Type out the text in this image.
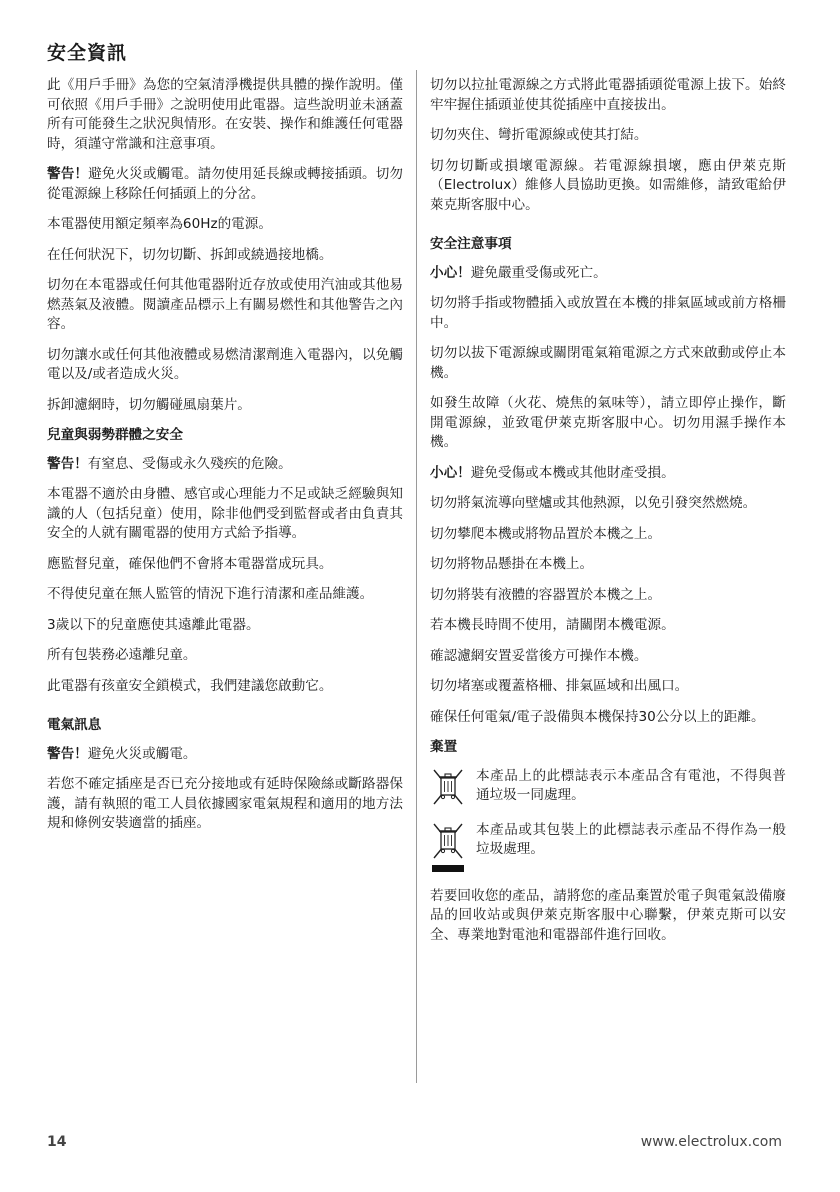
安全資訊

此《用戶手冊》為您的空氣清淨機提供具體的操作說明。僅可依照《用戶手冊》之說明使用此電器。這些說明並未涵蓋所有可能發生之狀況與情形。在安裝、操作和維護任何電器時，須謹守常識和注意事項。

警告！避免火災或觸電。請勿使用延長線或轉接插頭。切勿從電源線上移除任何插頭上的分岔。

本電器使用額定頻率為60Hz的電源。

在任何狀況下，切勿切斷、拆卸或繞過接地橋。

切勿在本電器或任何其他電器附近存放或使用汽油或其他易燃蒸氣及液體。閱讀產品標示上有關易燃性和其他警告之內容。

切勿讓水或任何其他液體或易燃清潔劑進入電器內，以免觸電以及/或者造成火災。

拆卸濾網時，切勿觸碰風扇葉片。

兒童與弱勢群體之安全

警告！有窒息、受傷或永久殘疾的危險。

本電器不適於由身體、感官或心理能力不足或缺乏經驗與知識的人（包括兒童）使用，除非他們受到監督或者由負責其安全的人就有關電器的使用方式給予指導。

應監督兒童，確保他們不會將本電器當成玩具。

不得使兒童在無人監管的情況下進行清潔和產品維護。

3歲以下的兒童應使其遠離此電器。

所有包裝務必遠離兒童。

此電器有孩童安全鎖模式，我們建議您啟動它。

電氣訊息

警告！避免火災或觸電。

若您不確定插座是否已充分接地或有延時保險絲或斷路器保護，請有執照的電工人員依據國家電氣規程和適用的地方法規和條例安裝適當的插座。

切勿以拉扯電源線之方式將此電器插頭從電源上拔下。始終牢牢握住插頭並使其從插座中直接拔出。

切勿夾住、彎折電源線或使其打結。

切勿切斷或損壞電源線。若電源線損壞，應由伊萊克斯（Electrolux）維修人員協助更換。如需維修，請致電給伊萊克斯客服中心。

安全注意事項

小心！避免嚴重受傷或死亡。

切勿將手指或物體插入或放置在本機的排氣區域或前方格柵中。

切勿以拔下電源線或關閉電氣箱電源之方式來啟動或停止本機。

如發生故障（火花、燒焦的氣味等），請立即停止操作，斷開電源線，並致電伊萊克斯客服中心。切勿用濕手操作本機。

小心！避免受傷或本機或其他財產受損。

切勿將氣流導向壁爐或其他熱源，以免引發突然燃燒。

切勿攀爬本機或將物品置於本機之上。

切勿將物品懸掛在本機上。

切勿將裝有液體的容器置於本機之上。

若本機長時間不使用，請關閉本機電源。

確認濾網安置妥當後方可操作本機。

切勿堵塞或覆蓋格柵、排氣區域和出風口。

確保任何電氣/電子設備與本機保持30公分以上的距離。

棄置

本產品上的此標誌表示本產品含有電池，不得與普通垃圾一同處理。

本產品或其包裝上的此標誌表示產品不得作為一般垃圾處理。

若要回收您的產品，請將您的產品棄置於電子與電氣設備廢品的回收站或與伊萊克斯客服中心聯繫，伊萊克斯可以安全、專業地對電池和電器部件進行回收。

14	www.electrolux.com
